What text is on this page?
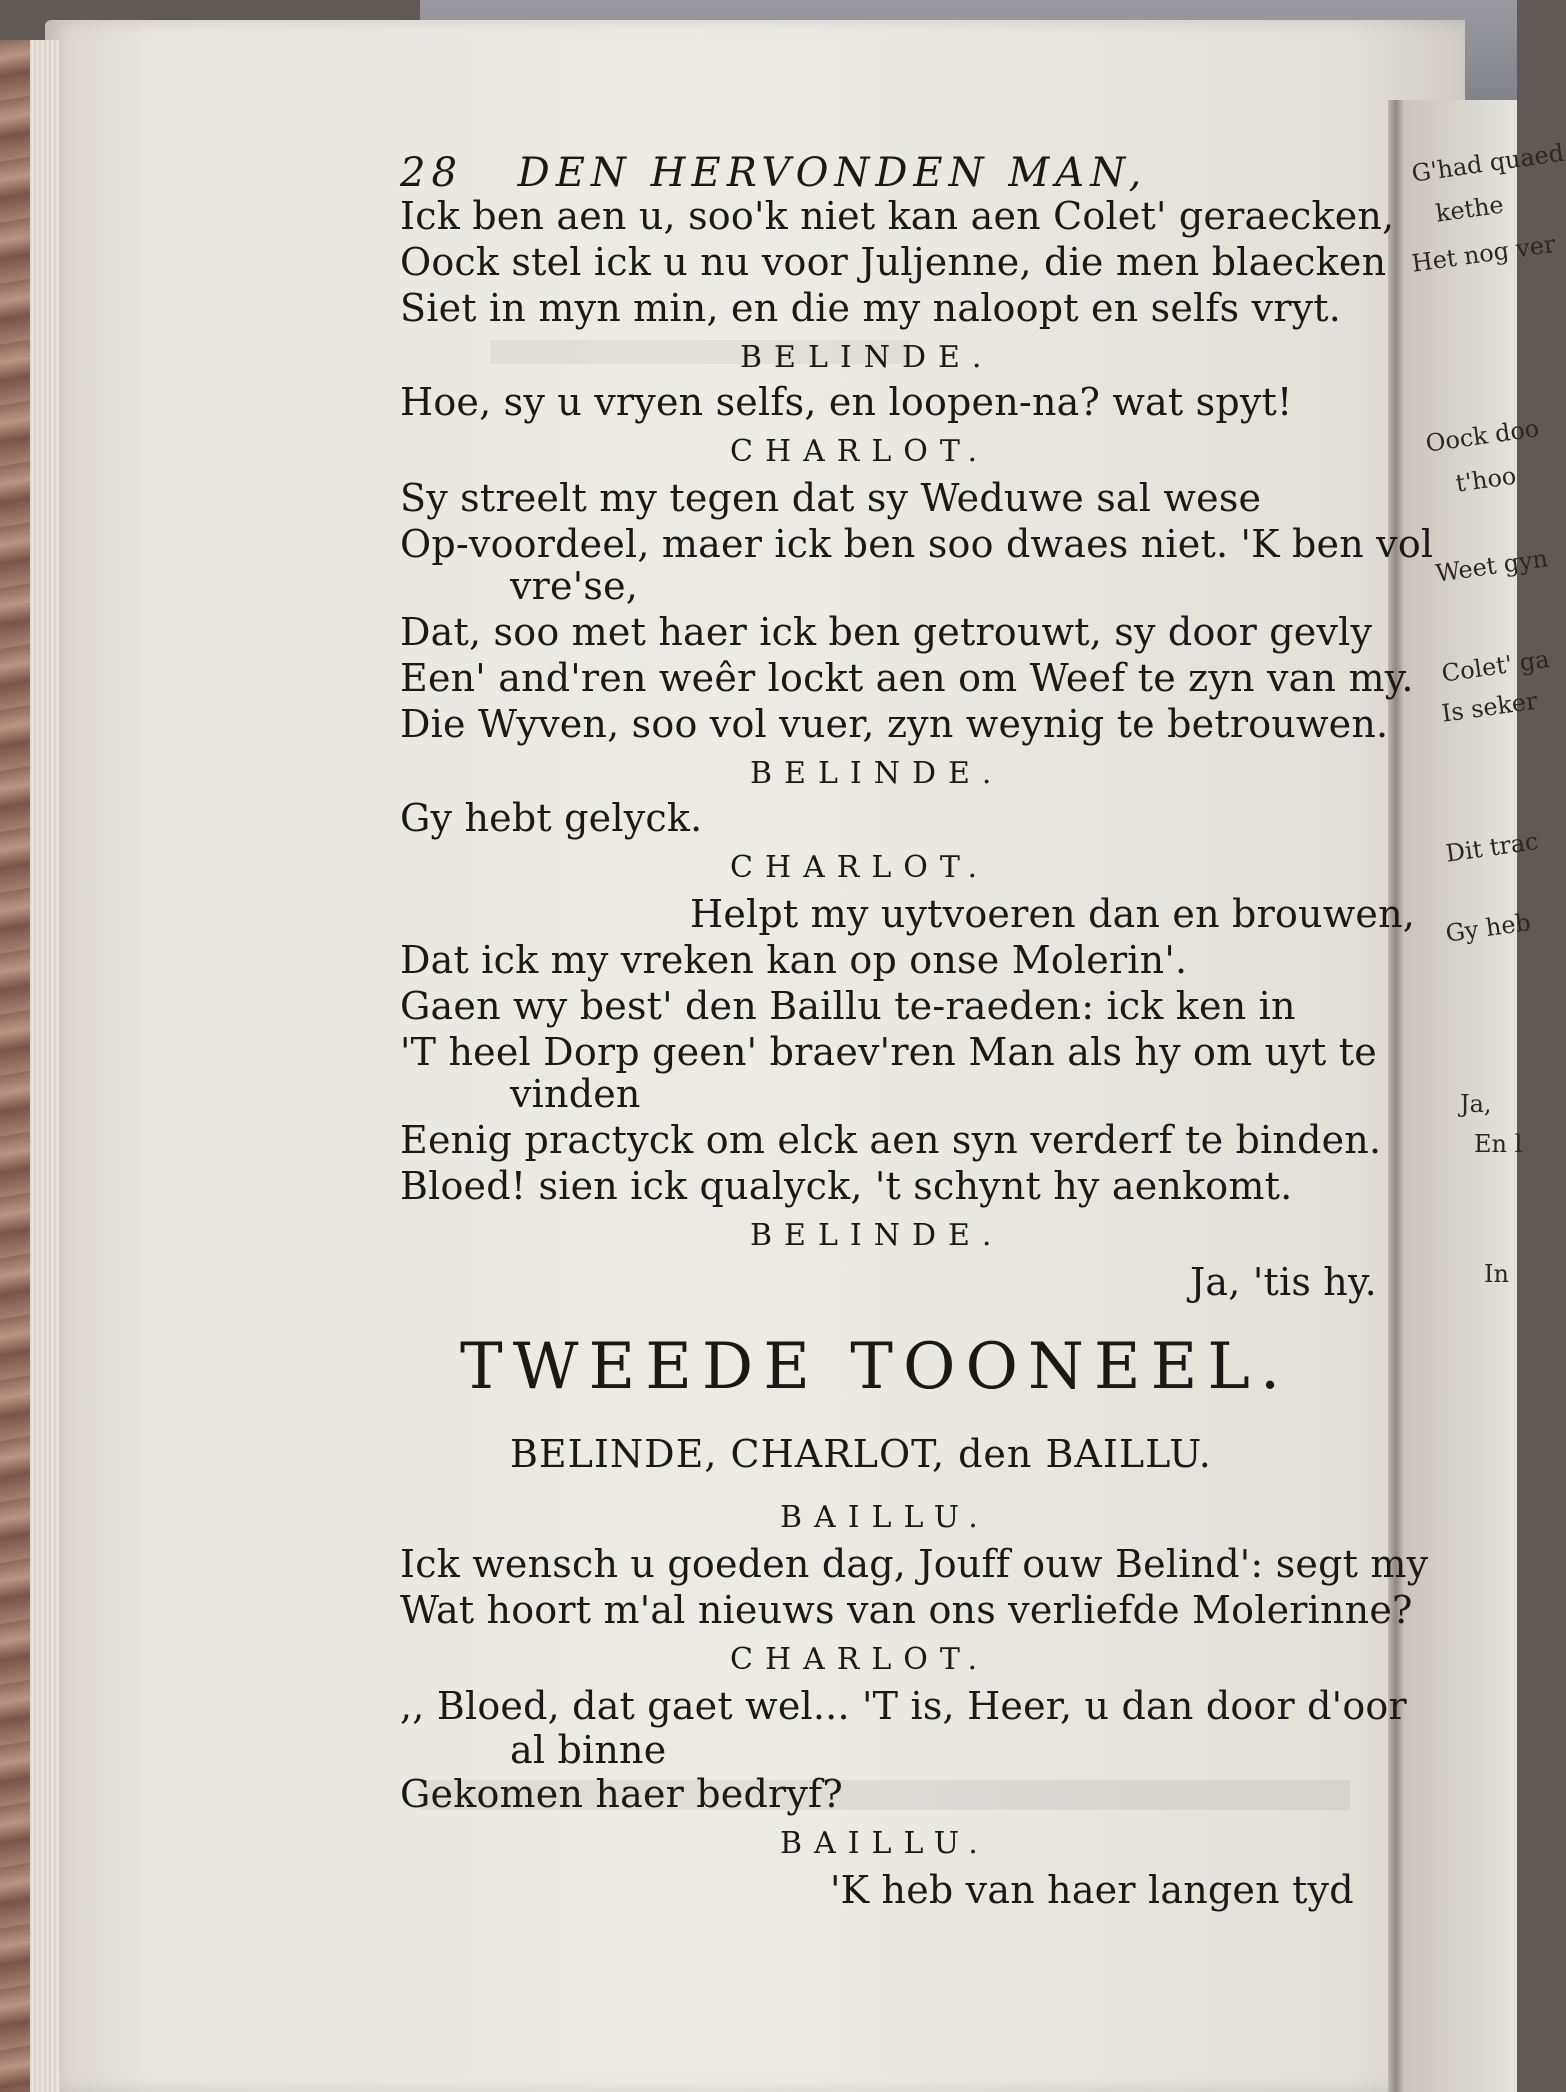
G'had quaed
kethe
Het nog ver
Oock doo
t'hoo
Weet gyn
Colet' ga
Is seker
Dit trac
Gy heb
Ja,
En l
In
28 DEN HERVONDEN MAN,
Ick ben aen u, soo'k niet kan aen Colet' geraecken,
Oock stel ick u nu voor Juljenne, die men blaecken
Siet in myn min, en die my naloopt en selfs vryt.
BELINDE.
Hoe, sy u vryen selfs, en loopen-na? wat spyt!
CHARLOT.
Sy streelt my tegen dat sy Weduwe sal wese
Op-voordeel, maer ick ben soo dwaes niet. 'K ben vol
vre'se,
Dat, soo met haer ick ben getrouwt, sy door gevly
Een' and'ren weêr lockt aen om Weef te zyn van my.
Die Wyven, soo vol vuer, zyn weynig te betrouwen.
BELINDE.
Gy hebt gelyck.
CHARLOT.
Helpt my uytvoeren dan en brouwen,
Dat ick my vreken kan op onse Molerin'.
Gaen wy best' den Baillu te-raeden: ick ken in
'T heel Dorp geen' braev'ren Man als hy om uyt te
vinden
Eenig practyck om elck aen syn verderf te binden.
Bloed! sien ick qualyck, 't schynt hy aenkomt.
BELINDE.
Ja, 'tis hy.
TWEEDE TOONEEL.
BELINDE, CHARLOT, den BAILLU.
BAILLU.
Ick wensch u goeden dag, Jouff ouw Belind': segt my
Wat hoort m'al nieuws van ons verliefde Molerinne?
CHARLOT.
,, Bloed, dat gaet wel... 'T is, Heer, u dan door d'oor
al binne
Gekomen haer bedryf?
BAILLU.
'K heb van haer langen tyd
